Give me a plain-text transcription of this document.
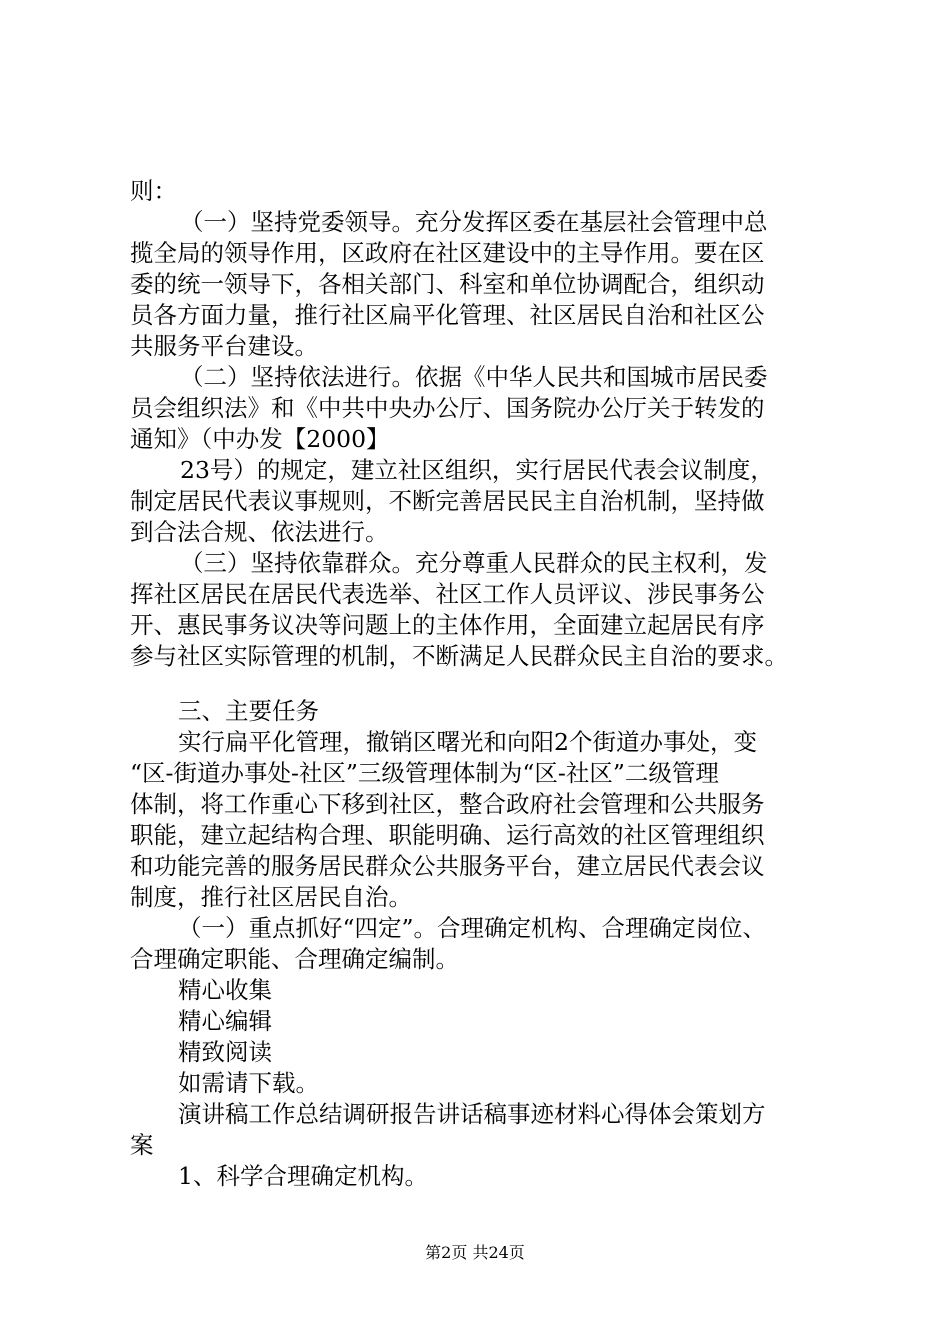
则：
（一）坚持党委领导。充分发挥区委在基层社会管理中总
揽全局的领导作用，区政府在社区建设中的主导作用。要在区
委的统一领导下，各相关部门、科室和单位协调配合，组织动
员各方面力量，推行社区扁平化管理、社区居民自治和社区公
共服务平台建设。
（二）坚持依法进行。依据《中华人民共和国城市居民委
员会组织法》和《中共中央办公厅、国务院办公厅关于转发的
通知》（中办发【2000】
23号）的规定，建立社区组织，实行居民代表会议制度，
制定居民代表议事规则，不断完善居民民主自治机制，坚持做
到合法合规、依法进行。
（三）坚持依靠群众。充分尊重人民群众的民主权利，发
挥社区居民在居民代表选举、社区工作人员评议、涉民事务公
开、惠民事务议决等问题上的主体作用，全面建立起居民有序
参与社区实际管理的机制，不断满足人民群众民主自治的要求。
三、主要任务
实行扁平化管理，撤销区曙光和向阳2个街道办事处，变
“区-街道办事处-社区”三级管理体制为“区-社区”二级管理
体制，将工作重心下移到社区，整合政府社会管理和公共服务
职能，建立起结构合理、职能明确、运行高效的社区管理组织
和功能完善的服务居民群众公共服务平台，建立居民代表会议
制度，推行社区居民自治。
（一）重点抓好“四定”。合理确定机构、合理确定岗位、
合理确定职能、合理确定编制。
精心收集
精心编辑
精致阅读
如需请下载。
演讲稿工作总结调研报告讲话稿事迹材料心得体会策划方
案
1、科学合理确定机构。
第2页 共24页
